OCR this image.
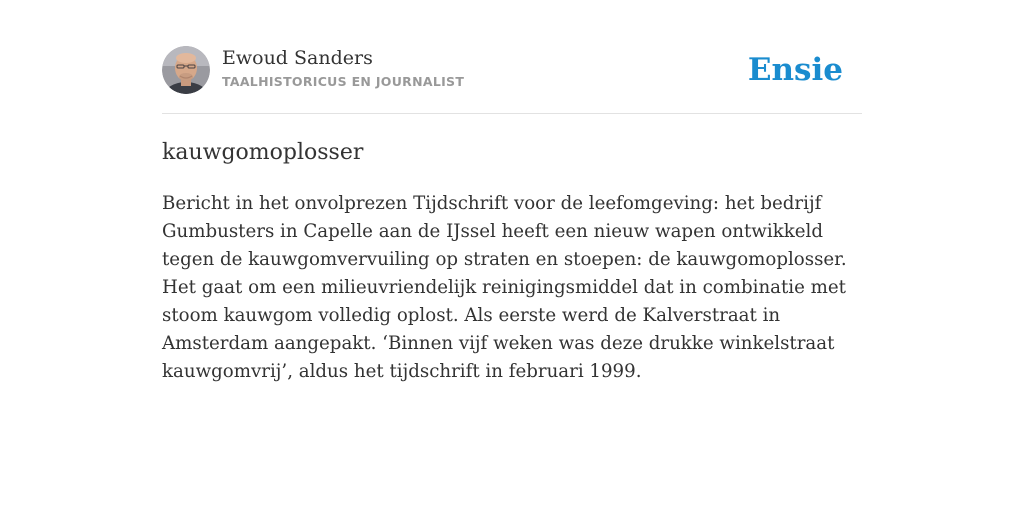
Ewoud Sanders
TAALHISTORICUS EN JOURNALIST	Ensie
kauwgomoplosser

Bericht in het onvolprezen Tijdschrift voor de leefomgeving: het bedrijf Gumbusters in Capelle aan de IJssel heeft een nieuw wapen ontwikkeld tegen de kauwgomvervuiling op straten en stoepen: de kauwgomoplosser. Het gaat om een milieuvriendelijk reinigingsmiddel dat in combinatie met stoom kauwgom volledig oplost. Als eerste werd de Kalverstraat in Amsterdam aangepakt. ‘Binnen vijf weken was deze drukke winkelstraat kauwgomvrij’, aldus het tijdschrift in februari 1999.
